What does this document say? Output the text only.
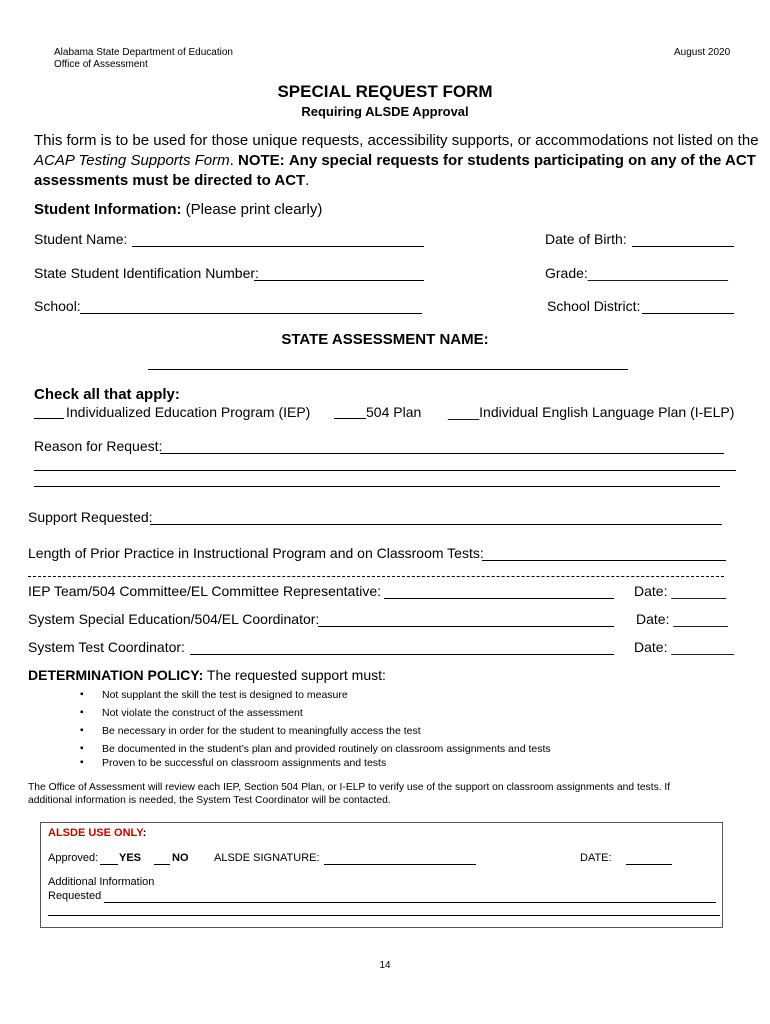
Alabama State Department of Education
Office of Assessment
August 2020
SPECIAL REQUEST FORM
Requiring ALSDE Approval
This form is to be used for those unique requests, accessibility supports, or accommodations not listed on the
ACAP Testing Supports Form. NOTE: Any special requests for students participating on any of the ACT
assessments must be directed to ACT.
Student Information: (Please print clearly)
Student Name:	Date of Birth:
State Student Identification Number:	Grade:__________________
School:	School District:
STATE ASSESSMENT NAME:
Check all that apply:
Individualized Education Program (IEP)	504 Plan ____Individual English Language Plan (I-ELP)
Reason for Request:
Support Requested:
Length of Prior Practice in Instructional Program and on Classroom Tests:
IEP Team/504 Committee/EL Committee Representative:	Date: _______
System Special Education/504/EL Coordinator:	Date: _______
System Test Coordinator:	Date: ________
DETERMINATION POLICY: The requested support must:
▪ Not supplant the skill the test is designed to measure
▪ Not violate the construct of the assessment
▪ Be necessary in order for the student to meaningfully access the test
▪ Be documented in the student’s plan and provided routinely on classroom assignments and tests
▪ Proven to be successful on classroom assignments and tests
The Office of Assessment will review each IEP, Section 504 Plan, or I-ELP to verify use of the support on classroom assignments and tests. If
additional information is needed, the System Test Coordinator will be contacted.
ALSDE USE ONLY:
Approved: YES	NO ALSDE SIGNATURE:	DATE:
Additional Information
Requested
14
